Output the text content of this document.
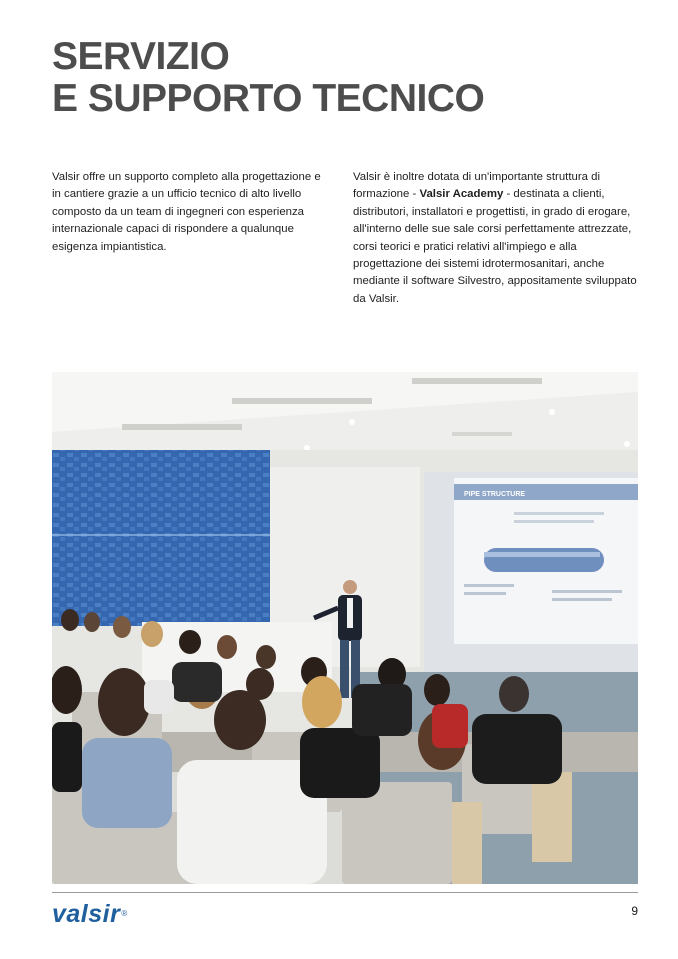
SERVIZIO
E SUPPORTO TECNICO

Valsir offre un supporto completo alla progettazione e in cantiere grazie a un ufficio tecnico di alto livello composto da un team di ingegneri con esperienza internazionale capaci di rispondere a qualunque esigenza impiantistica.

Valsir è inoltre dotata di un'importante struttura di formazione - Valsir Academy - destinata a clienti, distributori, installatori e progettisti, in grado di erogare, all'interno delle sue sale corsi perfettamente attrezzate, corsi teorici e pratici relativi all'impiego e alla progettazione dei sistemi idrotermosanitari, anche mediante il software Silvestro, appositamente sviluppato da Valsir.

PIPE STRUCTURE
valsir®	9
